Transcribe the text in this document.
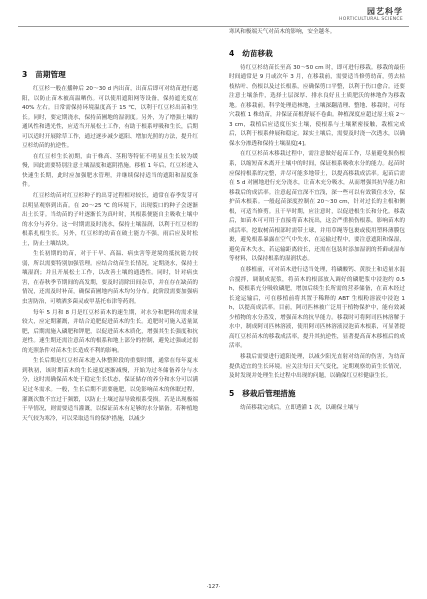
园艺科学
HORTICULTURAL SCIENCE
3 苗期管理

红豆杉一般在播种后 20～30 d 内出苗，出苗后即可对幼苗进行遮阳，以防止苗木被高温晒伤。可以使用遮阳网等设备，保持遮光度在 40% 左右。日常需保持环境温度高于 15 ℃，以利于红豆杉出苗和生长。同时，要定期浇水，保持苗圃地的湿润度。另外，为了增强土壤的通风性和透光性，应适当开展松土工作，有助于根系呼吸和生长，后期可以适时开展除草工作，通过逐步减少遮阳、增加光照的方法，提升红豆杉幼苗的抗逆性。

在红豆杉生长初期，由于株高、茎粗等特征不明显且生长较为缓慢，因此需要特别注意土壤湿度和遮阴措施。移植 1 年后，红豆杉进入快速生长期，此时应加强肥水管理，并继续保持适当的遮阳和湿度条件。

红豆杉幼苗对红豆杉种子的出芽过程相对较长，通常在春季发芽可以明显观察到出苗。在 20～25 ℃ 的环境下，出现裂口的种子会逐渐出土长芽。当幼苗的子叶逐渐长为真叶时，其根系便能自主吸收土壤中的水分与养分。这一时期需及时浇水，保持土壤湿润，以利于红豆杉的根系扎根生长。另外，红豆杉的幼苗在破土能力不强，雨后应及时松土，防止土壤结块。

生长初期的幼苗，对于干旱、高温、病虫害等逆境的抵抗能力较弱，所以需要特别加强管理。应结合幼苗生长情况，定期浇水，保持土壤湿润；并且开展松土工作，以改善土壤的通透性。同时，针对病虫害，在春秋季节期间的高发期，要及时清除田间杂草，并在存在缺苗的情况，还需及时补苗，确保苗圃地内苗木均匀分布。此阶段需要加强病虫害防治，可喷洒多菌灵或甲基托布津等药剂。

每年 5 月和 8 月是红豆杉苗木的速生期，对水分和肥料的需求量较大，应定期灌溉，并结合追肥促进苗木的生长。追肥时可施入适量氮肥，后期需施入磷肥和钾肥，以促进苗木木质化，增强其生长强度和抗逆性。速生期还需注意苗木的根系和地上部分的控制，避免过强或过弱的光照条件对苗木生长造成不利的影响。

生长后期是红豆杉苗木进入休整阶段的重要时期，通常在每年夏末到秋初，该时期苗木的生长速度逐渐减慢，开始为过冬储备养分与水分，这时需确保苗木处于稳定生长状态，保证储存的养分和水分可以满足过冬需求。一般，生长后期不需要施肥，以免影响苗木的休眠过程，灌溉次数不宜过于频繁，以防止土壤过湿导致根系受损。若是出现极端干旱情况，则需要适当灌溉，以保证苗木有足够的水分储备。若种植地天气较为寒冷，可以采取适当的保护措施，以减少

寒风和极端天气对苗木的影响，安全越冬。

4 幼苗移栽

待红豆杉幼苗长至高 30～50 cm 时，即可进行移栽。移栽的最佳时间通常是 9 月或次年 3 月，在移栽前，需要适当修剪幼苗，剪去枯枝枯叶、伤根以及过长根系，应确保剪口平整，以利于伤口愈合。还要注意土壤条件，选择土层深厚、排水良好且土质肥沃的林地作为移栽地。在移栽前，科学处理造林地，土壤深翻清理、整地、移栽时，可每穴栽植 1 株幼苗，并保证苗根舒展不卷曲。种植深度应超过原土痕 2～3 cm，栽植后应适度压实土壤，使根系与土壤紧密接触，栽植完成后，以利于根系伸展和稳定。踩实土壤后，需要及时浇一次透水，以确保水分渗透和保持土壤湿度[4]。

在红豆杉苗木移栽过程中，需注意做好起苗工作，尽量避免损伤根系，以缩短苗木离开土壤中的时间，保证根系吸收水分的能力。起苗时应保持根系的完整，并尽可能多地带土，以提高移栽成活率。起苗后需在 5 d 对圃地进行充分浇水，让苗木充分吸水，从而增强其抗旱能力和移栽后的成活率。注意起苗宜深不宜浅，深一些可以有效锁住水分，保护苗木根系。一般起苗深度控制在 20～30 cm，针对过长的主根和侧根，可适当修剪。且干旱时期，应注意时，以促进根生长和分化。移栽后，如苗木可可用于直接将苗木抚出，这会严重损伤根系，影响苗木的成活率。挖取树苗根部时需带土球，并用草绳等包裹或使用塑料薄膜包裹，避免根系暴露在空气中失水，在运输过程中，要注意遮阳和保湿，避免苗木失水，若运输距离较长，还需在包装时添加湿润的苔藓或湿布等材料，以保持根系的湿润状态。

在移植前，可对苗木进行适当处理，将磷酸钙、黄胶土和适量水混合搅拌，调制成泥浆，将苗木的根部放入调好的磷肥浆中浸泡约 0.5 h，使根系充分吸收磷肥，增加后续生长所需的营养储备，在苗木经过长途运输后，可在移植前将其置于稀释的 ABT 生根粉溶液中浸泡 1 h，以提高成活率。目前，阿司匹林被广泛用于植物保护中，能有效减少植物的水分蒸发，增强苗木的抗旱能力。移栽时可将阿司匹林溶解于水中，制成阿司匹林溶液，使用阿司匹林溶液浸泡苗木根系，可显著提高红豆杉苗木的移栽成活率，提升其抗逆性，显著提高苗木移植后的成活率。

移栽后需要进行遮阳处理，以减少阳光直射对幼苗的伤害，为幼苗提供适宜的生长环境。应关注每日天气变化，定期观察幼苗生长情况，及时发现并处理生长过程中出现的问题，以确保红豆杉健康生长。

5 移栽后管理措施

幼苗移栽完成后，立即透灌 1 次，以确保土壤与

·127·
